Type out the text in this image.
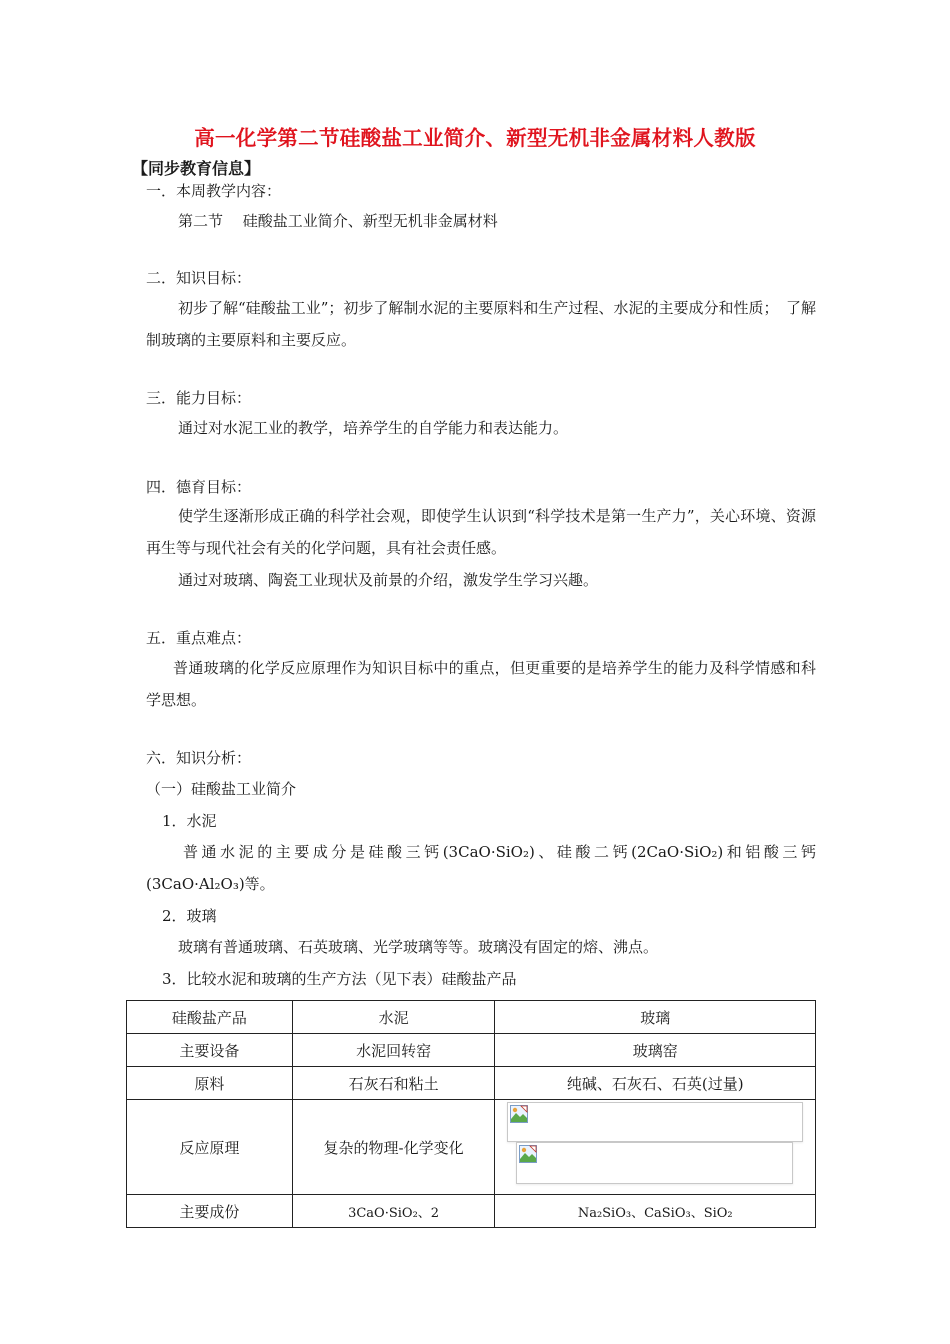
高一化学第二节硅酸盐工业简介、新型无机非金属材料人教版
【同步教育信息】
一．本周教学内容：
第二节　 硅酸盐工业简介、新型无机非金属材料
二．知识目标：
初步了解“硅酸盐工业”；初步了解制水泥的主要原料和生产过程、水泥的主要成分和性质；　了解制玻璃的主要原料和主要反应。
三．能力目标：
通过对水泥工业的教学，培养学生的自学能力和表达能力。
四．德育目标：
使学生逐渐形成正确的科学社会观，即使学生认识到“科学技术是第一生产力”，关心环境、资源再生等与现代社会有关的化学问题，具有社会责任感。
通过对玻璃、陶瓷工业现状及前景的介绍，激发学生学习兴趣。
五．重点难点：
普通玻璃的化学反应原理作为知识目标中的重点，但更重要的是培养学生的能力及科学情感和科学思想。
六．知识分析：
（一）硅酸盐工业简介
1．水泥
普通水泥的主要成分是硅酸三钙(3CaO·SiO₂)、硅酸二钙(2CaO·SiO₂)和铝酸三钙(3CaO·Al₂O₃)等。
2．玻璃
玻璃有普通玻璃、石英玻璃、光学玻璃等等。玻璃没有固定的熔、沸点。
3．比较水泥和玻璃的生产方法（见下表）硅酸盐产品
硅酸盐产品	水泥	玻璃
主要设备	水泥回转窑	玻璃窑
原料	石灰石和粘土	纯碱、石灰石、石英(过量)
反应原理	复杂的物理-化学变化	

主要成份	3CaO·SiO₂、2	Na₂SiO₃、CaSiO₃、SiO₂
